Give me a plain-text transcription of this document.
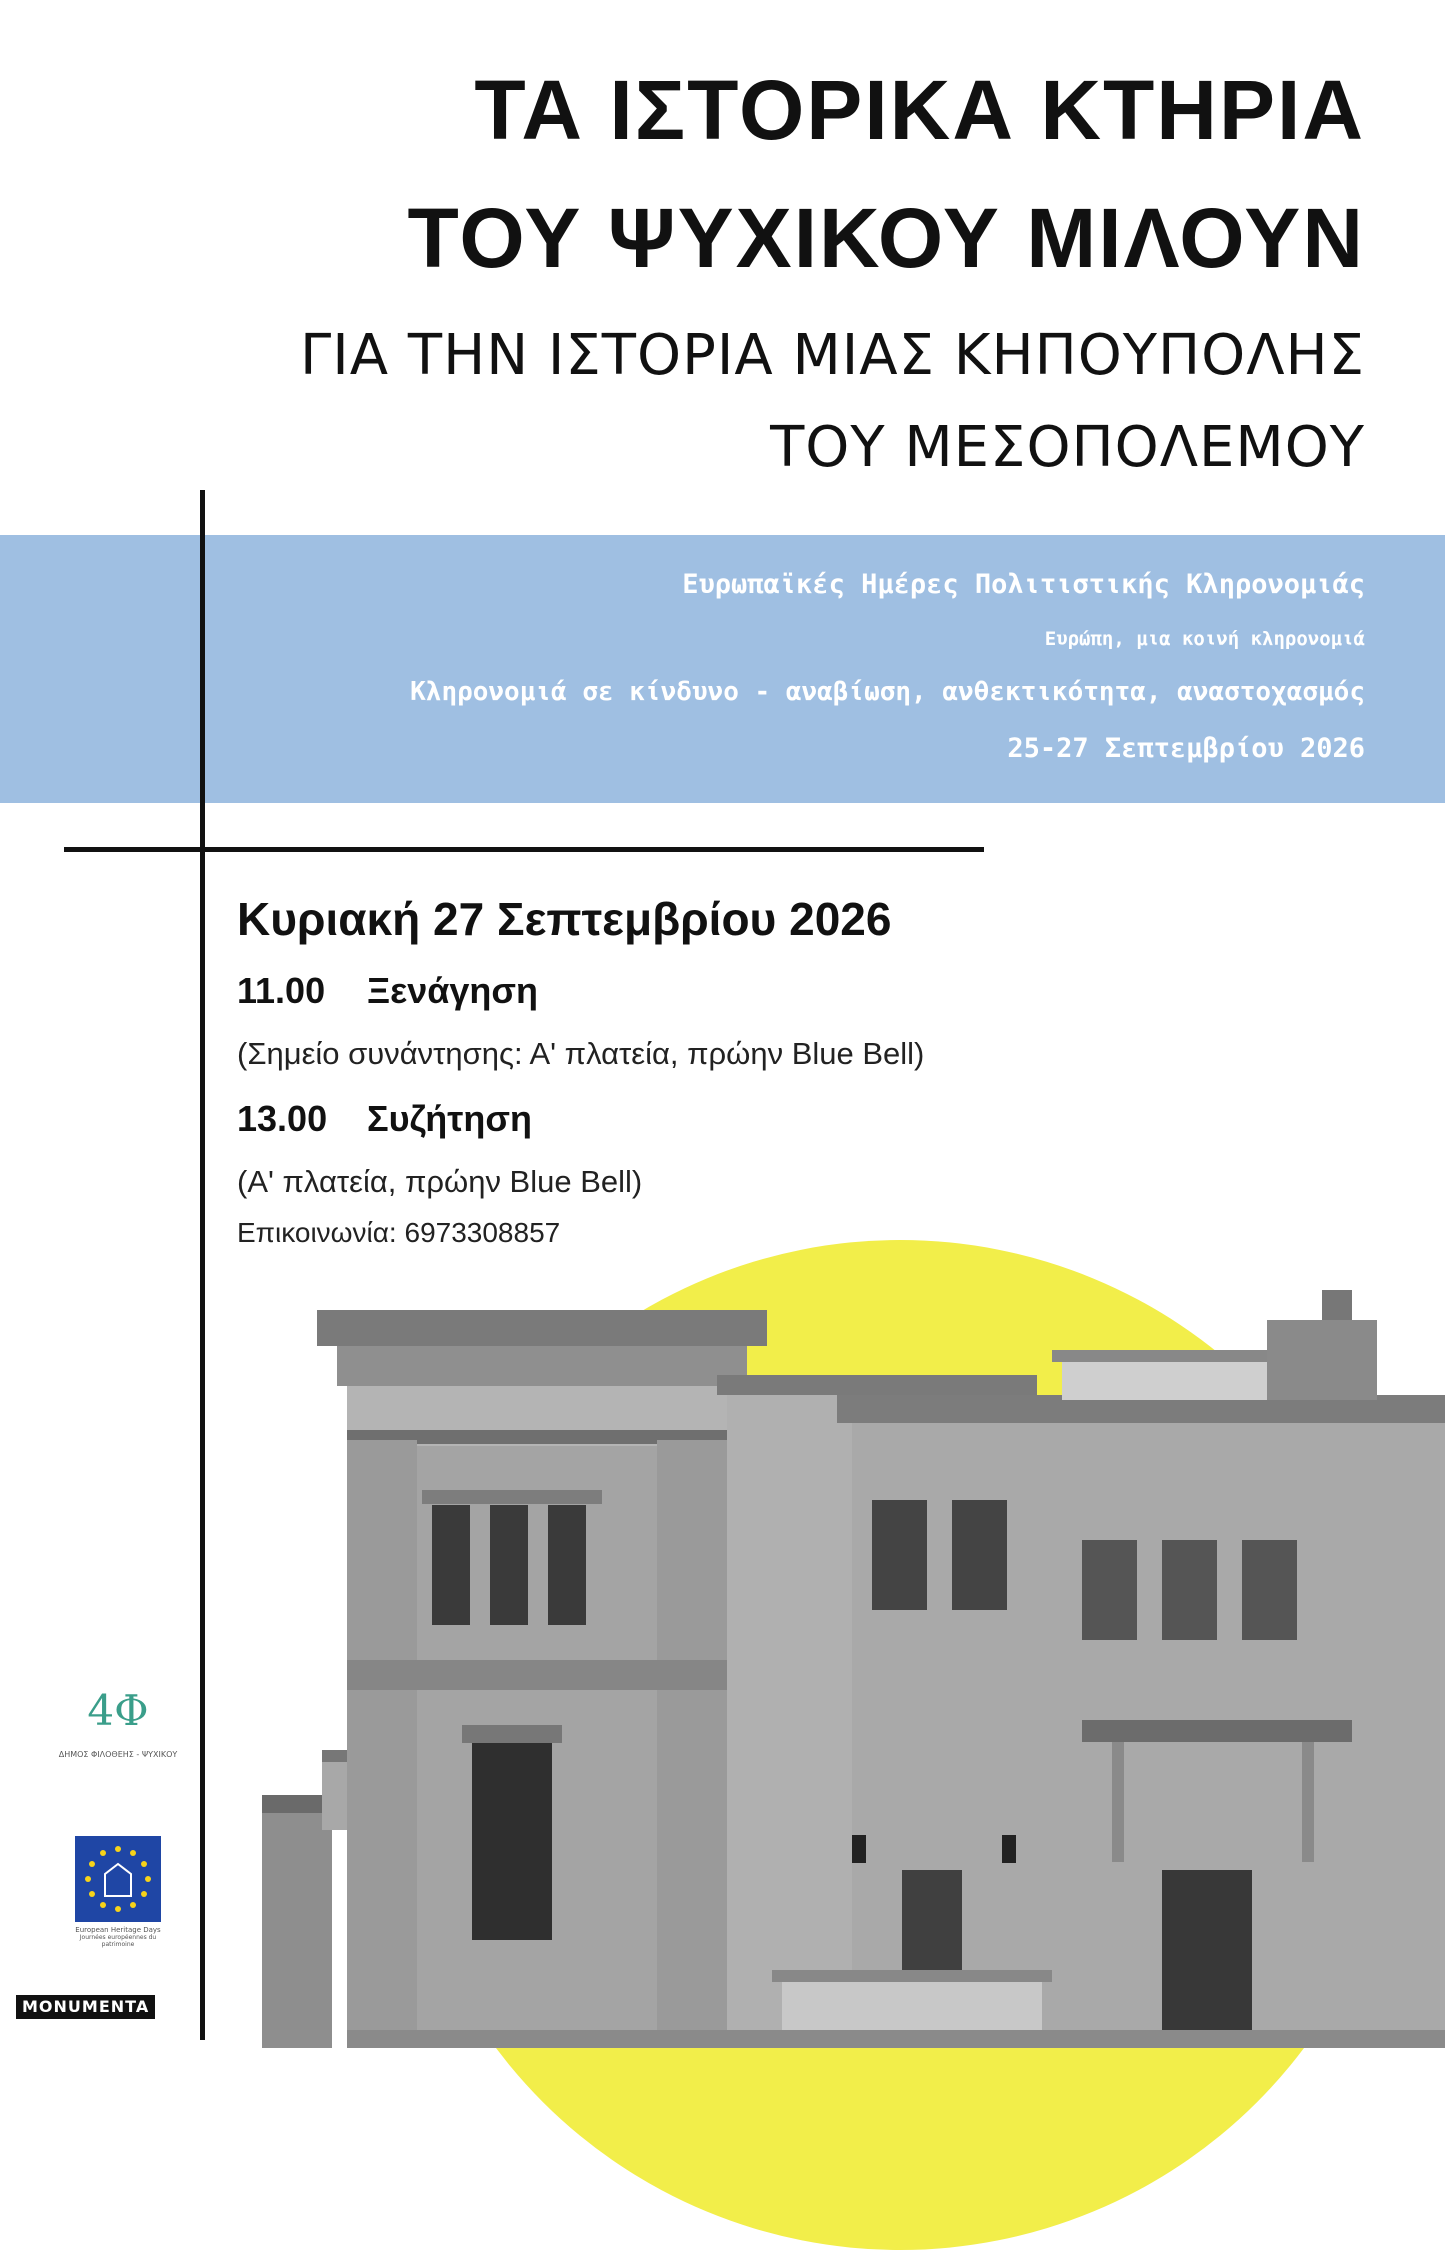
ΤΑ ΙΣΤΟΡΙΚΑ ΚΤΗΡΙΑ
ΤΟΥ ΨΥΧΙΚΟΥ ΜΙΛΟΥΝ
ΓΙΑ ΤΗΝ ΙΣΤΟΡΙΑ ΜΙΑΣ ΚΗΠΟΥΠΟΛΗΣ
ΤΟΥ ΜΕΣΟΠΟΛΕΜΟΥ
Ευρωπαϊκές Ημέρες Πολιτιστικής Κληρονομιάς
Ευρώπη, μια κοινή κληρονομιά
Κληρονομιά σε κίνδυνο - αναβίωση, ανθεκτικότητα, αναστοχασμός
25-27 Σεπτεμβρίου 2026
Κυριακή 27 Σεπτεμβρίου 2026
11.00 Ξενάγηση
(Σημείο συνάντησης: Α' πλατεία, πρώην Blue Bell)
13.00 Συζήτηση
(Α' πλατεία, πρώην Blue Bell)
Επικοινωνία: 6973308857
4Φ
ΔΗΜΟΣ ΦΙΛΟΘΕΗΣ - ΨΥΧΙΚΟΥ
European Heritage Days
Journées européennes du patrimoine
MONUMENTA
